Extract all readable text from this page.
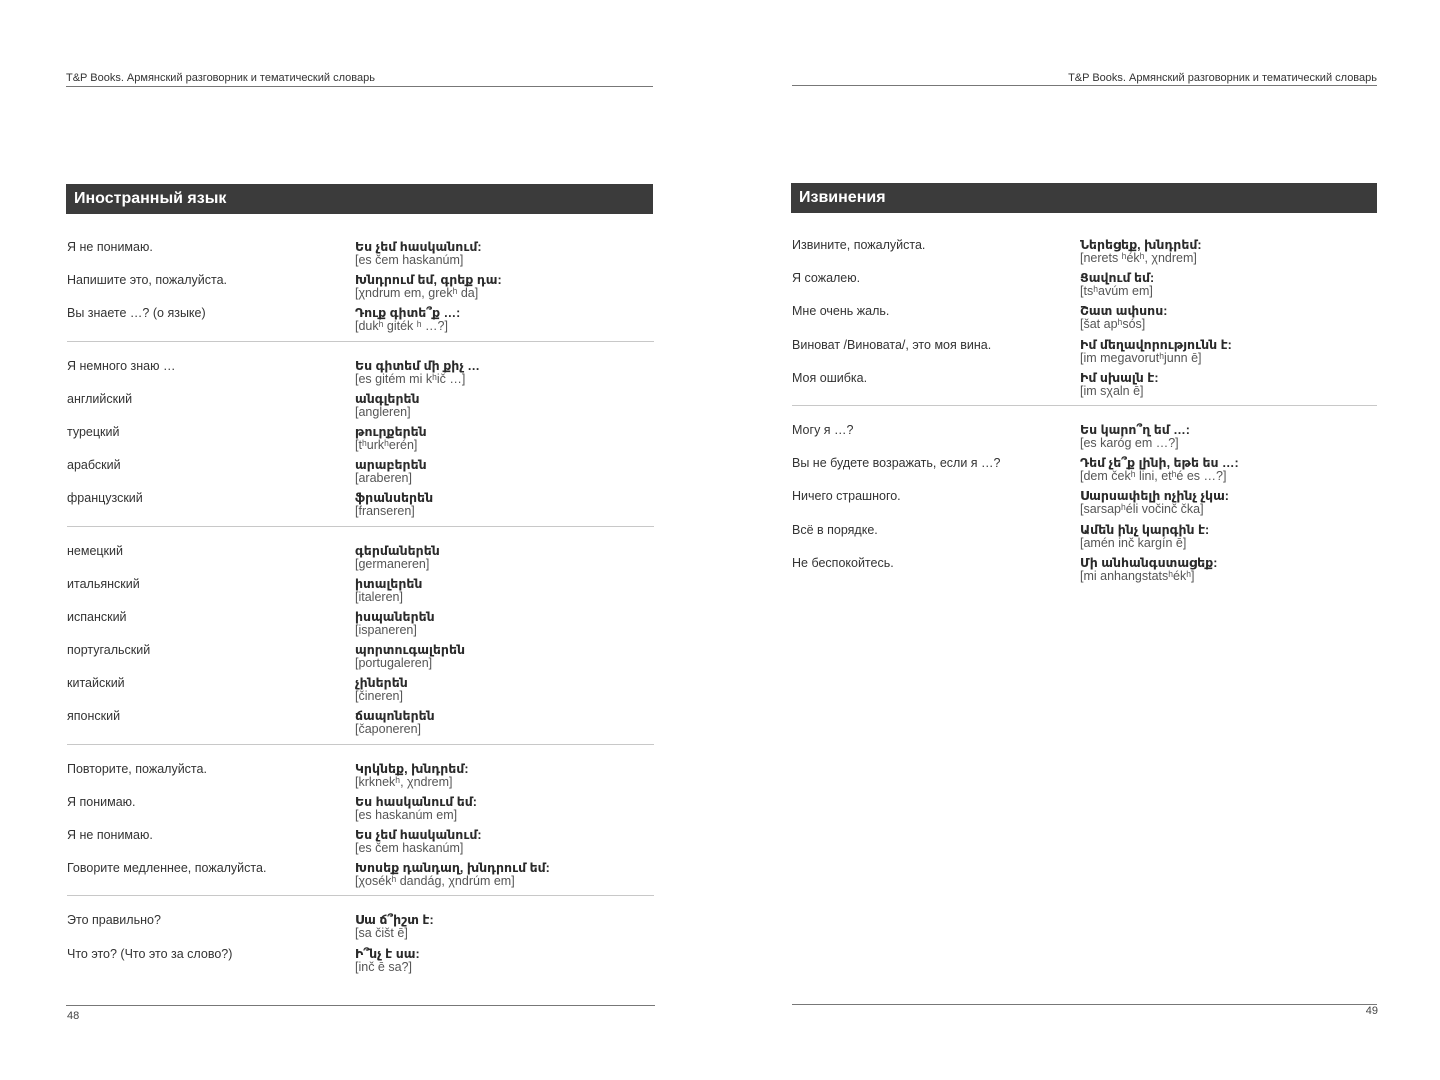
T&P Books. Армянский разговорник и тематический словарь
Иностранный язык
Я не понимаю.	Ես չեմ հասկանում:
[es čem haskanúm]
Напишите это, пожалуйста.	Խնդրում եմ, գրեք դա:
[χndrum em, grekʰ da]
Вы знаете …? (о языке)	Դուք գիտե՞ք …:
[dukʰ giték ʰ …?]
Я немного знаю …	Ես գիտեմ մի քիչ …
[es gitém mi kʰič …]
английский	անգլերեն
[angleren]
турецкий	թուրքերեն
[tʰurkʰerén]
арабский	արաբերեն
[araberen]
французский	ֆրանսերեն
[franseren]
немецкий	գերմաներեն
[germaneren]
итальянский	իտալերեն
[italeren]
испанский	իսպաներեն
[ispaneren]
португальский	պորտուգալերեն
[portugaleren]
китайский	չիներեն
[čineren]
японский	ճապոներեն
[čaponeren]
Повторите, пожалуйста.	Կրկնեք, խնդրեմ:
[krknekʰ, χndrem]
Я понимаю.	Ես հասկանում եմ:
[es haskanúm em]
Я не понимаю.	Ես չեմ հասկանում:
[es čem haskanúm]
Говорите медленнее, пожалуйста.	Խոսեք դանդաղ, խնդրում եմ:
[χosékʰ dandág, χndrúm em]
Это правильно?	Սա ճ՞իշտ է:
[sa čišt ē]
Что это? (Что это за слово?)	Ի՞նչ է սա:
[inč ē sa?]
48
T&P Books. Армянский разговорник и тематический словарь
Извинения
Извините, пожалуйста.	Ներեցեք, խնդրեմ:
[nerets ʰékʰ, χndrem]
Я сожалею.	Ցավում եմ:
[tsʰavúm em]
Мне очень жаль.	Շատ ափսոս:
[šat apʰsós]
Виноват /Виновата/, это моя вина.	Իմ մեղավորությունն է:
[im megavorutʰjunn ē]
Моя ошибка.	Իմ սխալն է:
[im sχaln ē]
Могу я …?	Ես կարո՞ղ եմ …:
[es karóg em …?]
Вы не будете возражать, если я …?	Դեմ չե՞ք լինի, եթե ես …:
[dem čekʰ lini, etʰé es …?]
Ничего страшного.	Սարսափելի ոչինչ չկա:
[sarsapʰéli vočinč čka]
Всё в порядке.	Ամեն ինչ կարգին է:
[amén inč kargín ē]
Не беспокойтесь.	Մի անհանգստացեք:
[mi anhangstatsʰékʰ]
49
